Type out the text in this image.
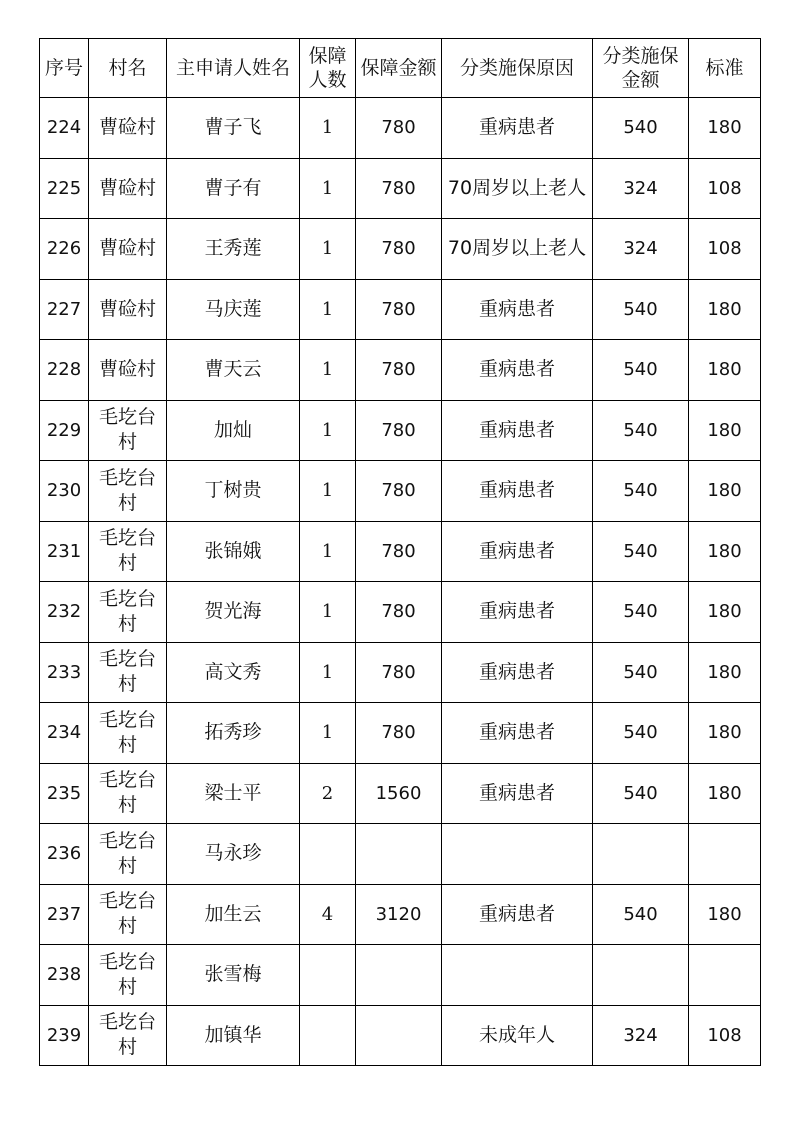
序号	村名	主申请人姓名	保障人数	保障金额	分类施保原因	分类施保金额	标准
224	曹硷村	曹子飞	1	780	重病患者	540	180
225	曹硷村	曹子有	1	780	70周岁以上老人	324	108
226	曹硷村	王秀莲	1	780	70周岁以上老人	324	108
227	曹硷村	马庆莲	1	780	重病患者	540	180
228	曹硷村	曹天云	1	780	重病患者	540	180
229	毛圪台村	加灿	1	780	重病患者	540	180
230	毛圪台村	丁树贵	1	780	重病患者	540	180
231	毛圪台村	张锦娥	1	780	重病患者	540	180
232	毛圪台村	贺光海	1	780	重病患者	540	180
233	毛圪台村	高文秀	1	780	重病患者	540	180
234	毛圪台村	拓秀珍	1	780	重病患者	540	180
235	毛圪台村	梁士平	2	1560	重病患者	540	180
236	毛圪台村	马永珍					
237	毛圪台村	加生云	4	3120	重病患者	540	180
238	毛圪台村	张雪梅					
239	毛圪台村	加镇华			未成年人	324	108
